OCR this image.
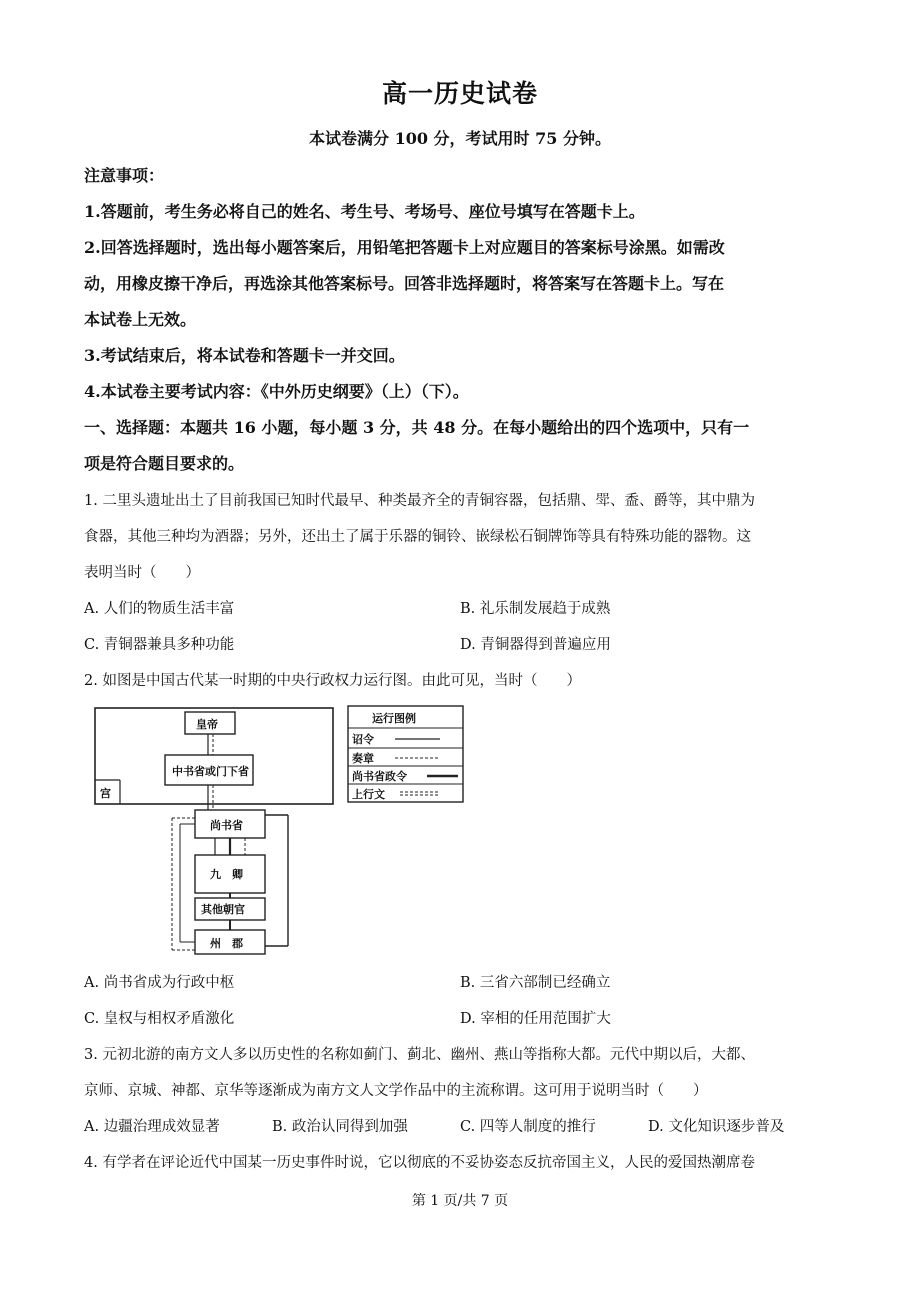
高一历史试卷
本试卷满分 100 分，考试用时 75 分钟。
注意事项：
1.答题前，考生务必将自己的姓名、考生号、考场号、座位号填写在答题卡上。
2.回答选择题时，选出每小题答案后，用铅笔把答题卡上对应题目的答案标号涂黑。如需改
动，用橡皮擦干净后，再选涂其他答案标号。回答非选择题时，将答案写在答题卡上。写在
本试卷上无效。
3.考试结束后，将本试卷和答题卡一并交回。
4.本试卷主要考试内容：《中外历史纲要》（上）（下）。
一、选择题：本题共 16 小题，每小题 3 分，共 48 分。在每小题给出的四个选项中，只有一
项是符合题目要求的。
1. 二里头遗址出土了目前我国已知时代最早、种类最齐全的青铜容器，包括鼎、斝、盉、爵等，其中鼎为
食器，其他三种均为酒器；另外，还出土了属于乐器的铜铃、嵌绿松石铜牌饰等具有特殊功能的器物。这
表明当时（　　）
A. 人们的物质生活丰富	B. 礼乐制发展趋于成熟
C. 青铜器兼具多种功能	D. 青铜器得到普遍应用
2. 如图是中国古代某一时期的中央行政权力运行图。由此可见，当时（　　）
宫
皇帝
中书省或门下省
尚书省
九　卿
其他朝官
州　郡
运行图例
诏令
奏章
尚书省政令
上行文
A. 尚书省成为行政中枢	B. 三省六部制已经确立
C. 皇权与相权矛盾激化	D. 宰相的任用范围扩大
3. 元初北游的南方文人多以历史性的名称如蓟门、蓟北、幽州、燕山等指称大都。元代中期以后，大都、
京师、京城、神都、京华等逐渐成为南方文人文学作品中的主流称谓。这可用于说明当时（　　）
A. 边疆治理成效显著	B. 政治认同得到加强	C. 四等人制度的推行	D. 文化知识逐步普及
4. 有学者在评论近代中国某一历史事件时说，它以彻底的不妥协姿态反抗帝国主义，人民的爱国热潮席卷
第 1 页/共 7 页
